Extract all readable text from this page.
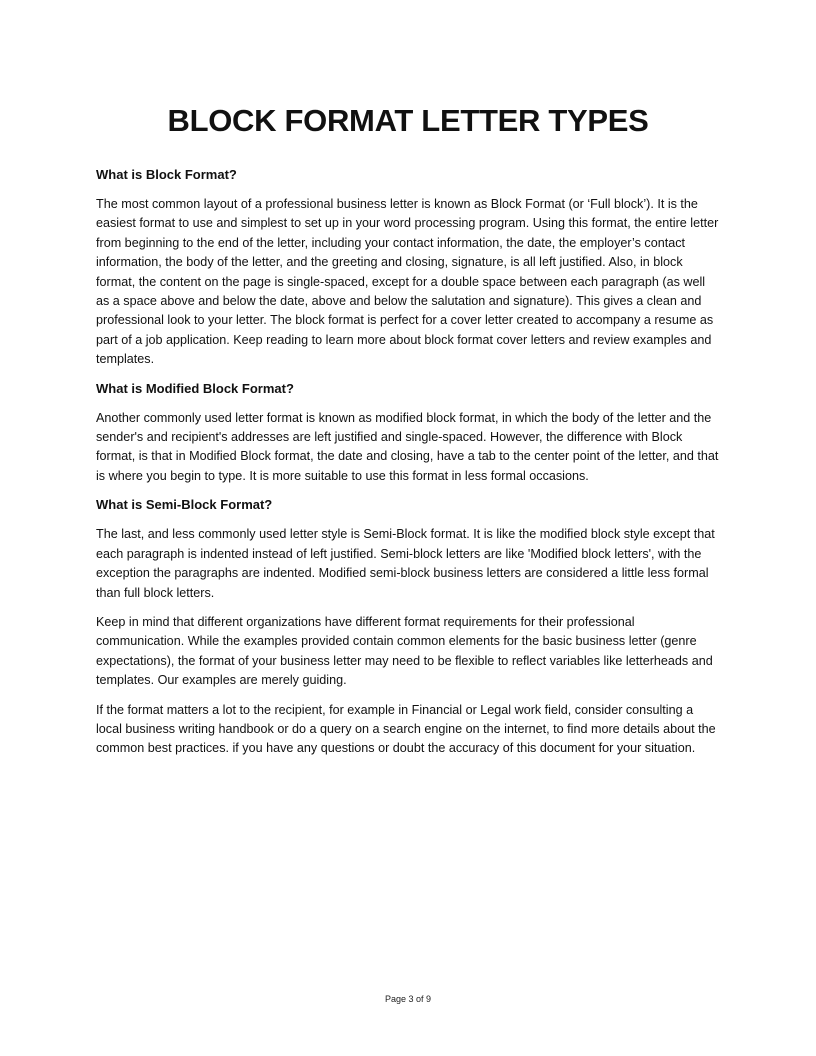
BLOCK FORMAT LETTER TYPES

What is Block Format?

The most common layout of a professional business letter is known as Block Format (or ‘Full block’). It is the easiest format to use and simplest to set up in your word processing program. Using this format, the entire letter from beginning to the end of the letter, including your contact information, the date, the employer’s contact information, the body of the letter, and the greeting and closing, signature, is all left justified. Also, in block format, the content on the page is single-spaced, except for a double space between each paragraph (as well as a space above and below the date, above and below the salutation and signature). This gives a clean and professional look to your letter. The block format is perfect for a cover letter created to accompany a resume as part of a job application. Keep reading to learn more about block format cover letters and review examples and templates.

What is Modified Block Format?

Another commonly used letter format is known as modified block format, in which the body of the letter and the sender's and recipient's addresses are left justified and single-spaced. However, the difference with Block format, is that in Modified Block format, the date and closing, have a tab to the center point of the letter, and that is where you begin to type. It is more suitable to use this format in less formal occasions.

What is Semi-Block Format?

The last, and less commonly used letter style is Semi-Block format. It is like the modified block style except that each paragraph is indented instead of left justified. Semi-block letters are like 'Modified block letters', with the exception the paragraphs are indented. Modified semi-block business letters are considered a little less formal than full block letters.

Keep in mind that different organizations have different format requirements for their professional communication. While the examples provided contain common elements for the basic business letter (genre expectations), the format of your business letter may need to be flexible to reflect variables like letterheads and templates. Our examples are merely guiding.

If the format matters a lot to the recipient, for example in Financial or Legal work field, consider consulting a local business writing handbook or do a query on a search engine on the internet, to find more details about the common best practices. if you have any questions or doubt the accuracy of this document for your situation.

Page 3 of 9
